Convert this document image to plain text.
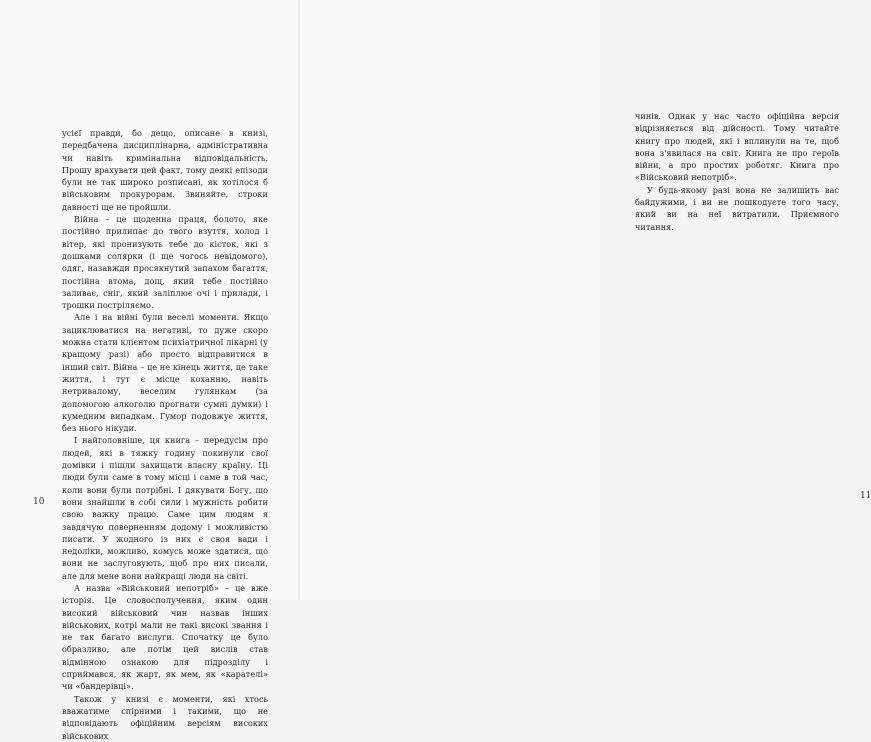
усієї правди, бо дещо, описане в книзі, передбачена дисциплінарна, адміністративна чи навіть кримінальна відповідальність. Прошу врахувати цей факт, тому деякі епізоди були не так широко розписані, як хотілося б військовим прокурорам. Звиняйте, строки давності ще не пройшли.

Війна – це щоденна праця, болото, яке постійно прилипає до твого взуття, холод і вітер, які пронизують тебе до кісток, які з дошками солярки (і ще чогось невідомого), одяг, назавжди просякнутий запахом багаття, постійна втома, дощ, який тебе постійно заливає, сніг, який заліплює очі і прилади, і трошки постріляємо.

Але і на війні були веселі моменти. Якщо зациклюватися на негативі, то дуже скоро можна стати клієнтом психіатричної лікарні (у кращому разі) або просто відправитися в інший світ. Війна – це не кінець життя, це таке життя, і тут є місце коханню, навіть нетривалому, веселим гулянкам (за допомогою алкоголю прогнати сумні думки) і кумедним випадкам. Гумор подовжує життя, без нього нікуди.

І найголовніше, ця книга – передусім про людей, які в тяжку годину покинули свої домівки і пішли захищати власну країну. Ці люди були саме в тому місці і саме в той час, коли вони були потрібні. І дякувати Богу, що вони знайшли в собі сили і мужність робити свою важку працю. Саме цим людям я завдячую поверненням додому і можливістю писати. У жодного із них є своя вади і недоліки, можливо, комусь може здатися, що вони не заслуговують, щоб про них писали, але для мене вони найкращі люди на світі.

А назва «Військовий непотріб» – це вже історія. Це словосполучення, яким один високий військовий чин назвав інших військових, котрі мали не такі високі звання і не так багато вислуги. Спочатку це було образливо, але потім цей вислів став відмінною ознакою для підрозділу і сприймався, як жарт, як мем, як «карателі» чи «бандерівці».

Також у книзі є моменти, які хтось вважатиме спірними і такими, що не відповідають офіційним версіям високих військових

10

чинів. Однак у нас часто офіційна версія відрізняється від дійсності. Тому читайте книгу про людей, які і вплинули на те, щоб вона з'явилася на світ. Книга не про героїв війни, а про простих роботяг. Книга про «Військовий непотріб».

У будь-якому разі вона не залишить вас байдужими, і ви не пошкодуєте того часу, який ви на неї витратили. Приємного читання.

11
